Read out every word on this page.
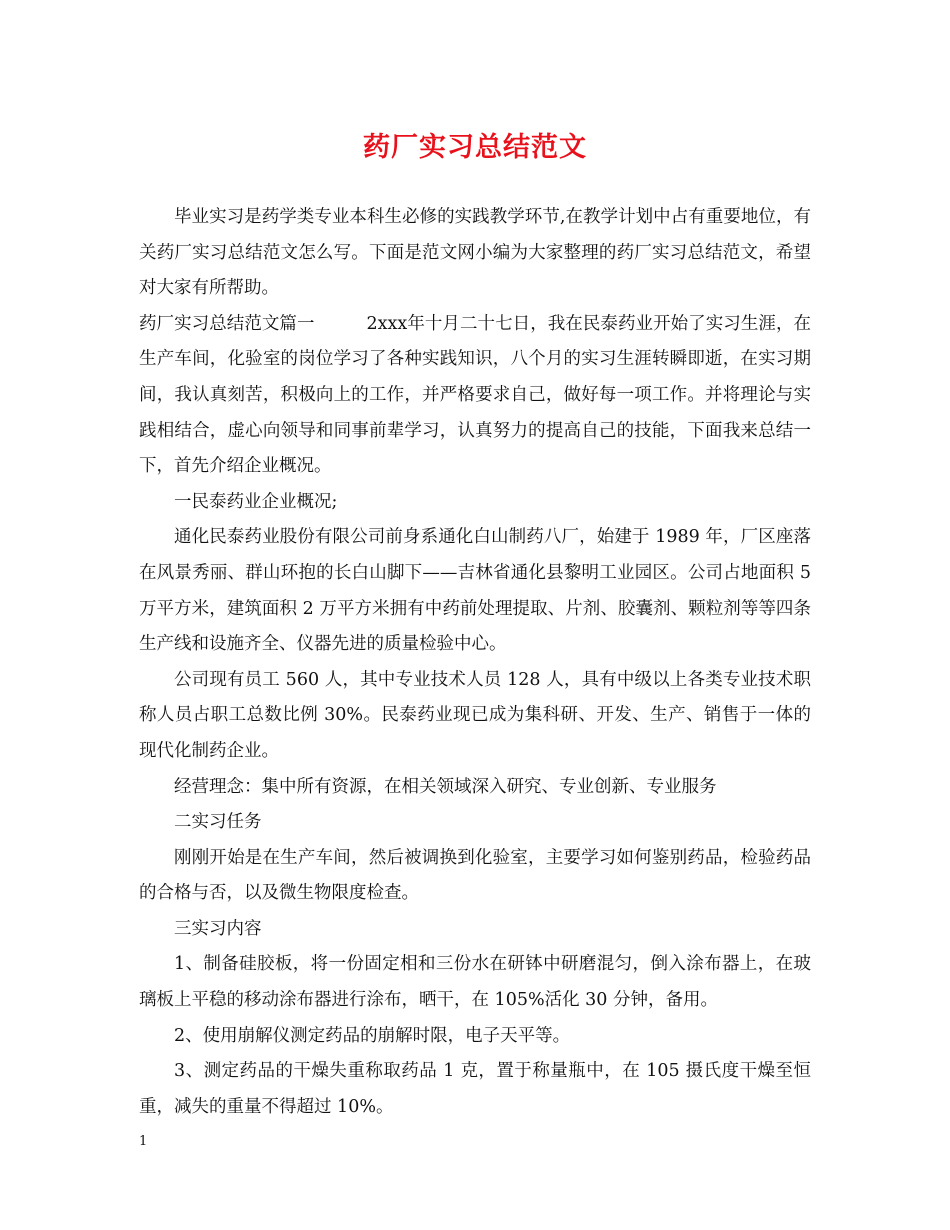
药厂实习总结范文

毕业实习是药学类专业本科生必修的实践教学环节,在教学计划中占有重要地位，有关药厂实习总结范文怎么写。下面是范文网小编为大家整理的药厂实习总结范文，希望对大家有所帮助。

药厂实习总结范文篇一	2xxx年十月二十七日，我在民泰药业开始了实习生涯，在生产车间，化验室的岗位学习了各种实践知识，八个月的实习生涯转瞬即逝，在实习期间，我认真刻苦，积极向上的工作，并严格要求自己，做好每一项工作。并将理论与实践相结合，虚心向领导和同事前辈学习，认真努力的提高自己的技能，下面我来总结一下，首先介绍企业概况。

一民泰药业企业概况;

通化民泰药业股份有限公司前身系通化白山制药八厂，始建于 1989 年，厂区座落在风景秀丽、群山环抱的长白山脚下——吉林省通化县黎明工业园区。公司占地面积 5 万平方米，建筑面积 2 万平方米拥有中药前处理提取、片剂、胶囊剂、颗粒剂等等四条生产线和设施齐全、仪器先进的质量检验中心。

公司现有员工 560 人，其中专业技术人员 128 人，具有中级以上各类专业技术职称人员占职工总数比例 30%。民泰药业现已成为集科研、开发、生产、销售于一体的现代化制药企业。

经营理念：集中所有资源，在相关领域深入研究、专业创新、专业服务

二实习任务

刚刚开始是在生产车间，然后被调换到化验室，主要学习如何鉴别药品，检验药品的合格与否，以及微生物限度检查。

三实习内容

1、制备硅胶板，将一份固定相和三份水在研钵中研磨混匀，倒入涂布器上，在玻璃板上平稳的移动涂布器进行涂布，晒干，在 105%活化 30 分钟，备用。

2、使用崩解仪测定药品的崩解时限，电子天平等。

3、测定药品的干燥失重称取药品 1 克，置于称量瓶中，在 105 摄氏度干燥至恒重，减失的重量不得超过 10%。

1
